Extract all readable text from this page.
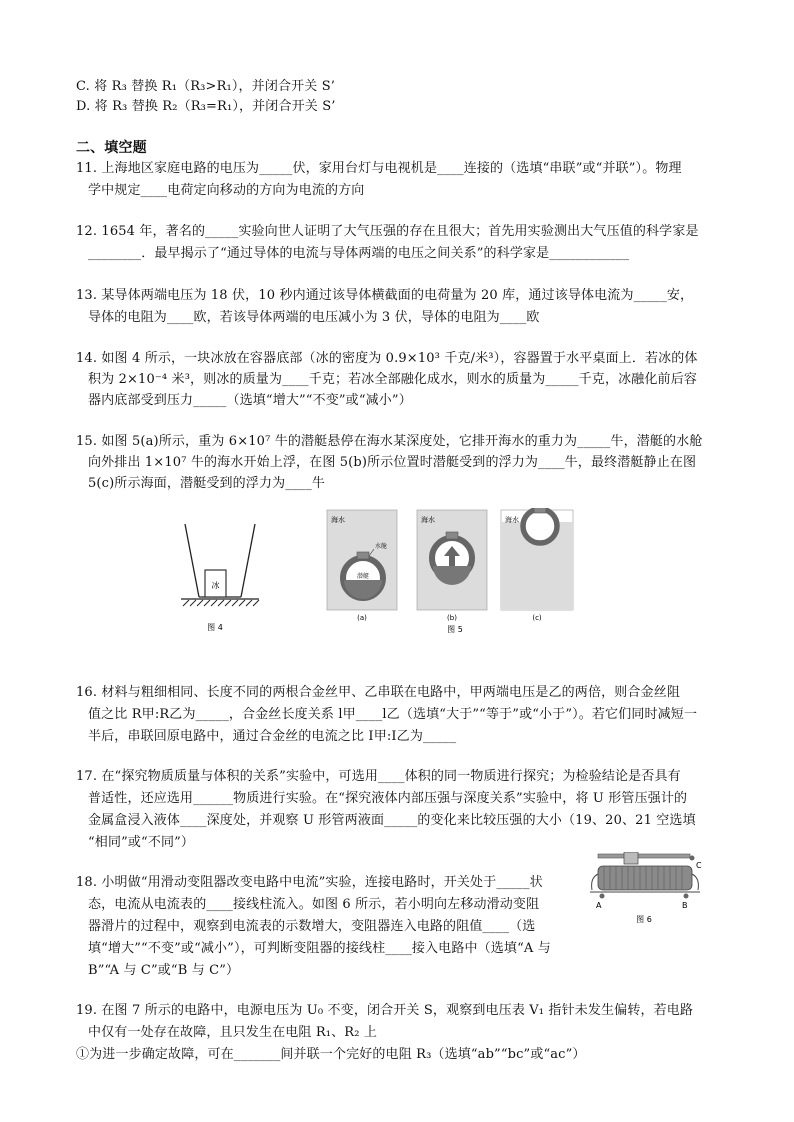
C. 将 R₃ 替换 R₁（R₃>R₁），并闭合开关 S’
D. 将 R₃ 替换 R₂（R₃=R₁），并闭合开关 S’
二、填空题
11. 上海地区家庭电路的电压为_____伏，家用台灯与电视机是____连接的（选填“串联”或“并联”）。物理
学中规定____电荷定向移动的方向为电流的方向
12. 1654 年，著名的_____实验向世人证明了大气压强的存在且很大；首先用实验测出大气压值的科学家是
________．最早揭示了“通过导体的电流与导体两端的电压之间关系”的科学家是____________
13. 某导体两端电压为 18 伏，10 秒内通过该导体横截面的电荷量为 20 库，通过该导体电流为_____安，
导体的电阻为____欧，若该导体两端的电压减小为 3 伏，导体的电阻为____欧
14. 如图 4 所示，一块冰放在容器底部（冰的密度为 0.9×10³ 千克/米³），容器置于水平桌面上．若冰的体
积为 2×10⁻⁴ 米³，则冰的质量为____千克；若冰全部融化成水，则水的质量为_____千克，冰融化前后容
器内底部受到压力_____（选填“增大”“不变”或“减小”）
15. 如图 5(a)所示，重为 6×10⁷ 牛的潜艇悬停在海水某深度处，它排开海水的重力为_____牛，潜艇的水舱
向外排出 1×10⁷ 牛的海水开始上浮，在图 5(b)所示位置时潜艇受到的浮力为____牛，最终潜艇静止在图
5(c)所示海面，潜艇受到的浮力为____牛
冰
图 4
海水
潜艇
水舱
(a)
海水
(b)
海水
(c)
图 5
16. 材料与粗细相同、长度不同的两根合金丝甲、乙串联在电路中，甲两端电压是乙的两倍，则合金丝阻
值之比 R甲:R乙为_____，合金丝长度关系 l甲____l乙（选填“大于”“等于”或“小于”）。若它们同时减短一
半后，串联回原电路中，通过合金丝的电流之比 I甲:I乙为_____
17. 在“探究物质质量与体积的关系”实验中，可选用____体积的同一物质进行探究；为检验结论是否具有
普适性，还应选用______物质进行实验。在“探究液体内部压强与深度关系”实验中，将 U 形管压强计的
金属盒浸入液体____深度处，并观察 U 形管两液面_____的变化来比较压强的大小（19、20、21 空选填
“相同”或“不同”）
18. 小明做“用滑动变阻器改变电路中电流”实验，连接电路时，开关处于_____状
态，电流从电流表的____接线柱流入。如图 6 所示，若小明向左移动滑动变阻
器滑片的过程中，观察到电流表的示数增大，变阻器连入电路的阻值____（选
填“增大”“不变”或“减小”），可判断变阻器的接线柱____接入电路中（选填“A 与
B”“A 与 C”或“B 与 C”）
C
A	B
图 6
19. 在图 7 所示的电路中，电源电压为 U₀ 不变，闭合开关 S，观察到电压表 V₁ 指针未发生偏转，若电路
中仅有一处存在故障，且只发生在电阻 R₁、R₂ 上
①为进一步确定故障，可在_______间并联一个完好的电阻 R₃（选填“ab”“bc”或“ac”）
